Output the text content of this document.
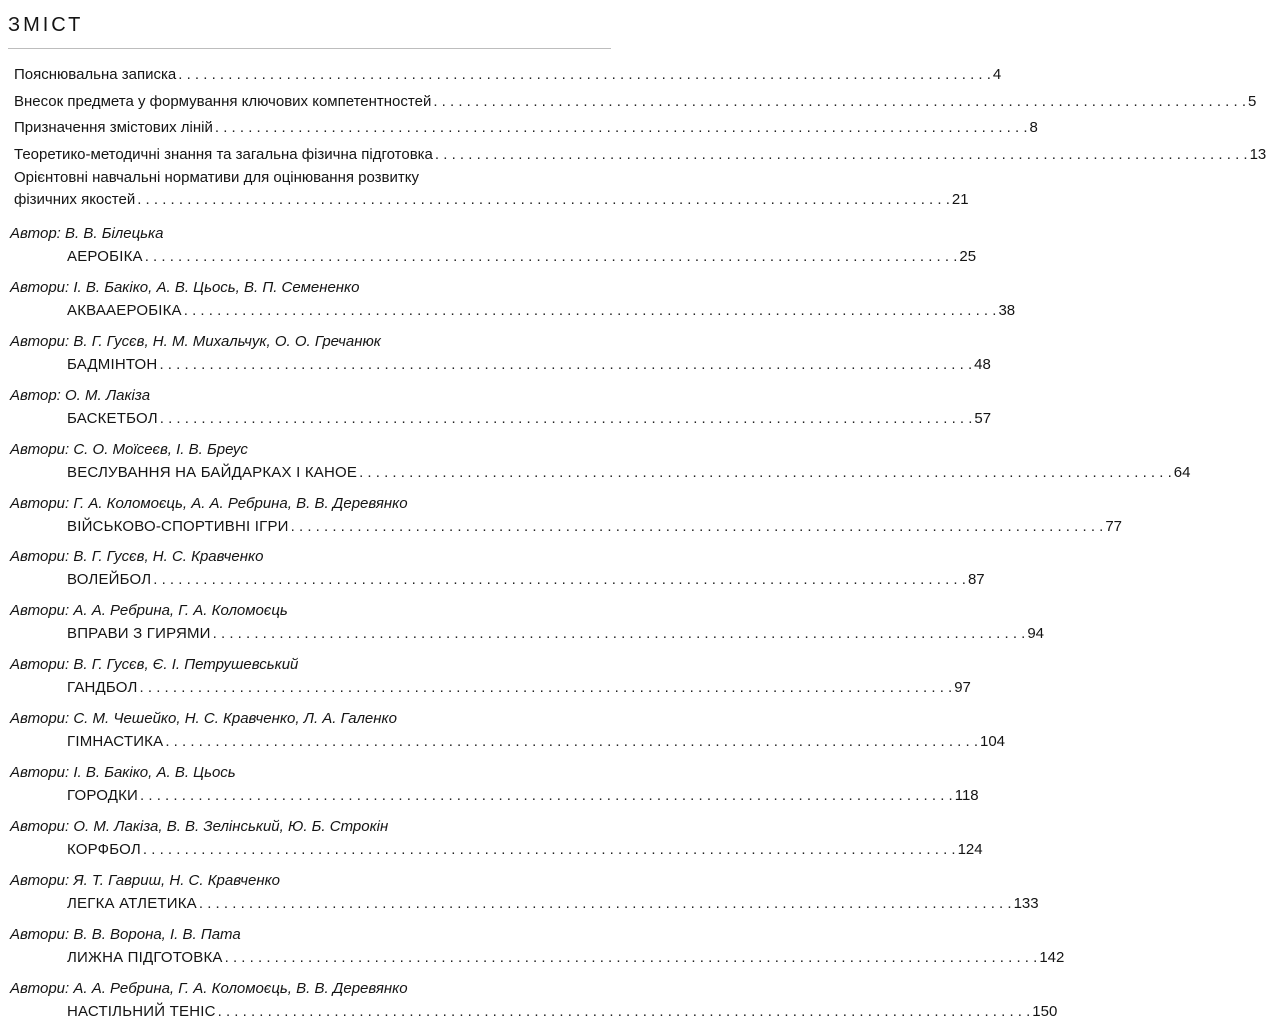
ЗМІСТ
Пояснювальна записка . . .	4
Внесок предмета у формування ключових компетентностей . . .	5
Призначення змістових ліній . . .	8
Теоретико-методичні знання та загальна фізична підготовка . . .	13
Орієнтовні навчальні нормативи для оцінювання розвитку
фізичних якостей . . .	21
Автор: В. В. Білецька
АЕРОБІКА . . .	25
Автори: І. В. Бакіко, А. В. Цьось, В. П. Семененко
АКВААЕРОБІКА . . .	38
Автори: В. Г. Гусєв, Н. М. Михальчук, О. О. Гречанюк
БАДМІНТОН . . .	48
Автор: О. М. Лакіза
БАСКЕТБОЛ . . .	57
Автори: С. О. Моїсеєв, І. В. Бреус
ВЕСЛУВАННЯ НА БАЙДАРКАХ І КАНОЕ . . .	64
Автори: Г. А. Коломоєць, А. А. Ребрина, В. В. Деревянко
ВІЙСЬКОВО-СПОРТИВНІ ІГРИ . . .	77
Автори: В. Г. Гусєв, Н. С. Кравченко
ВОЛЕЙБОЛ . . .	87
Автори: А. А. Ребрина, Г. А. Коломоєць
ВПРАВИ З ГИРЯМИ . . .	94
Автори: В. Г. Гусєв, Є. І. Петрушевський
ГАНДБОЛ . . .	97
Автори: С. М. Чешейко, Н. С. Кравченко, Л. А. Галенко
ГІМНАСТИКА . . .	104
Автори: І. В. Бакіко, А. В. Цьось
ГОРОДКИ . . .	118
Автори: О. М. Лакіза, В. В. Зелінський, Ю. Б. Строкін
КОРФБОЛ . . .	124
Автори: Я. Т. Гавриш, Н. С. Кравченко
ЛЕГКА АТЛЕТИКА . . .	133
Автори: В. В. Ворона, І. В. Пата
ЛИЖНА ПІДГОТОВКА . . .	142
Автори: А. А. Ребрина, Г. А. Коломоєць, В. В. Деревянко
НАСТІЛЬНИЙ ТЕНІС . . .	150
